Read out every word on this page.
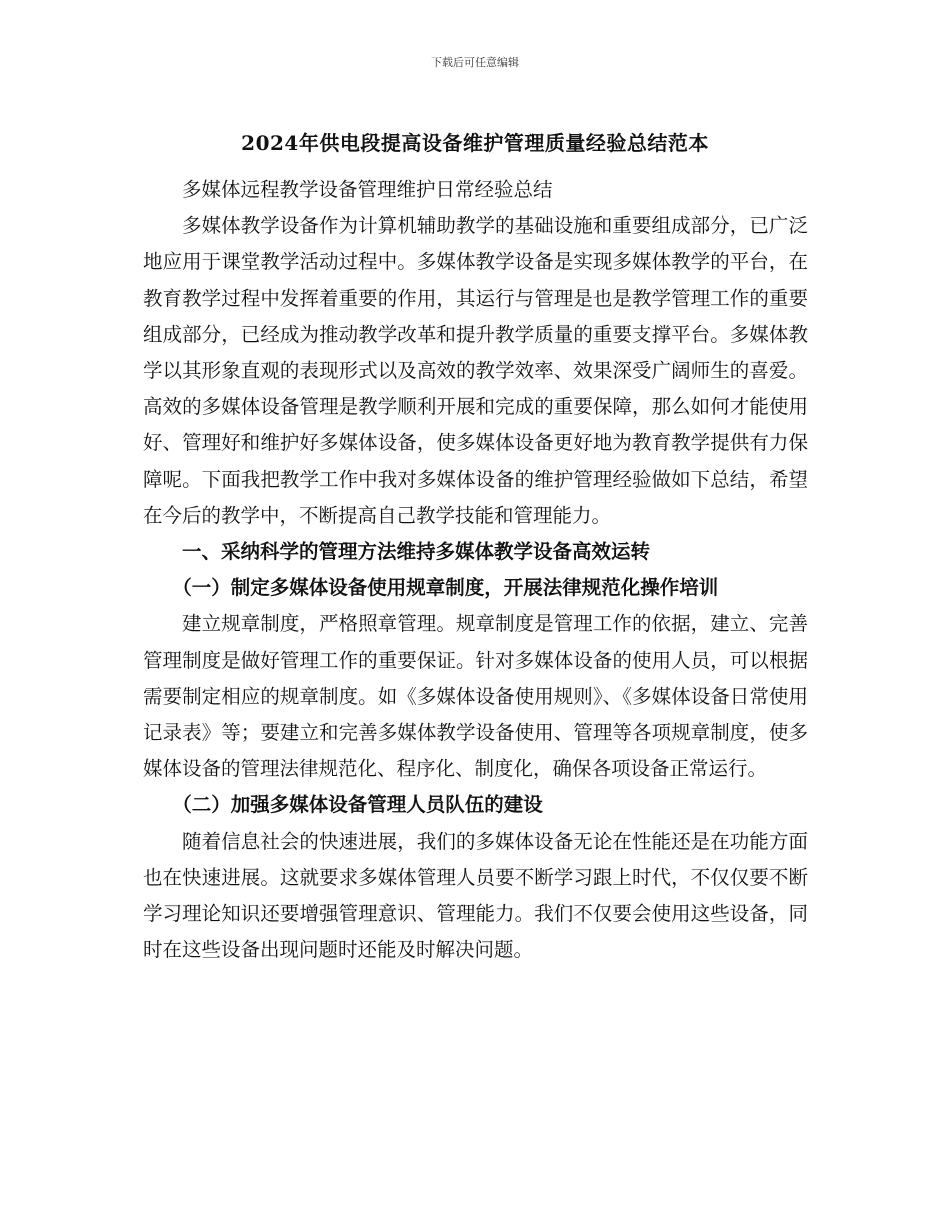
下载后可任意编辑
2024年供电段提高设备维护管理质量经验总结范本

多媒体远程教学设备管理维护日常经验总结

多媒体教学设备作为计算机辅助教学的基础设施和重要组成部分，已广泛地应用于课堂教学活动过程中。多媒体教学设备是实现多媒体教学的平台，在教育教学过程中发挥着重要的作用，其运行与管理是也是教学管理工作的重要组成部分，已经成为推动教学改革和提升教学质量的重要支撑平台。多媒体教学以其形象直观的表现形式以及高效的教学效率、效果深受广阔师生的喜爱。高效的多媒体设备管理是教学顺利开展和完成的重要保障，那么如何才能使用好、管理好和维护好多媒体设备，使多媒体设备更好地为教育教学提供有力保障呢。下面我把教学工作中我对多媒体设备的维护管理经验做如下总结，希望在今后的教学中，不断提高自己教学技能和管理能力。

一、采纳科学的管理方法维持多媒体教学设备高效运转

（一）制定多媒体设备使用规章制度，开展法律规范化操作培训

建立规章制度，严格照章管理。规章制度是管理工作的依据，建立、完善管理制度是做好管理工作的重要保证。针对多媒体设备的使用人员，可以根据需要制定相应的规章制度。如《多媒体设备使用规则》、《多媒体设备日常使用记录表》等；要建立和完善多媒体教学设备使用、管理等各项规章制度，使多媒体设备的管理法律规范化、程序化、制度化，确保各项设备正常运行。

（二）加强多媒体设备管理人员队伍的建设

随着信息社会的快速进展，我们的多媒体设备无论在性能还是在功能方面也在快速进展。这就要求多媒体管理人员要不断学习跟上时代，不仅仅要不断学习理论知识还要增强管理意识、管理能力。我们不仅要会使用这些设备，同时在这些设备出现问题时还能及时解决问题。
